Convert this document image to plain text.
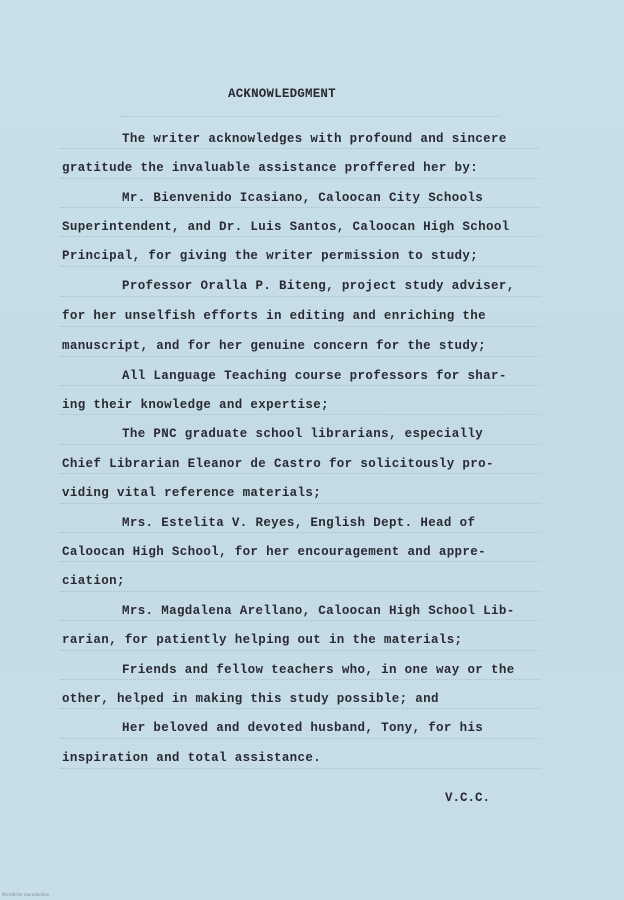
ACKNOWLEDGMENT
The writer acknowledges with profound and sincere
gratitude the invaluable assistance proffered her by:
Mr. Bienvenido Icasiano, Caloocan City Schools
Superintendent, and Dr. Luis Santos, Caloocan High School
Principal, for giving the writer permission to study;
Professor Oralla P. Biteng, project study adviser,
for her unselfish efforts in editing and enriching the
manuscript, and for her genuine concern for the study;
All Language Teaching course professors for shar-
ing their knowledge and expertise;
The PNC graduate school librarians, especially
Chief Librarian Eleanor de Castro for solicitously pro-
viding vital reference materials;
Mrs. Estelita V. Reyes, English Dept. Head of
Caloocan High School, for her encouragement and appre-
ciation;
Mrs. Magdalena Arellano, Caloocan High School Lib-
rarian, for patiently helping out in the materials;
Friends and fellow teachers who, in one way or the
other, helped in making this study possible; and
Her beloved and devoted husband, Tony, for his
inspiration and total assistance.
V.C.C.
Microfiche reproduction · ·
